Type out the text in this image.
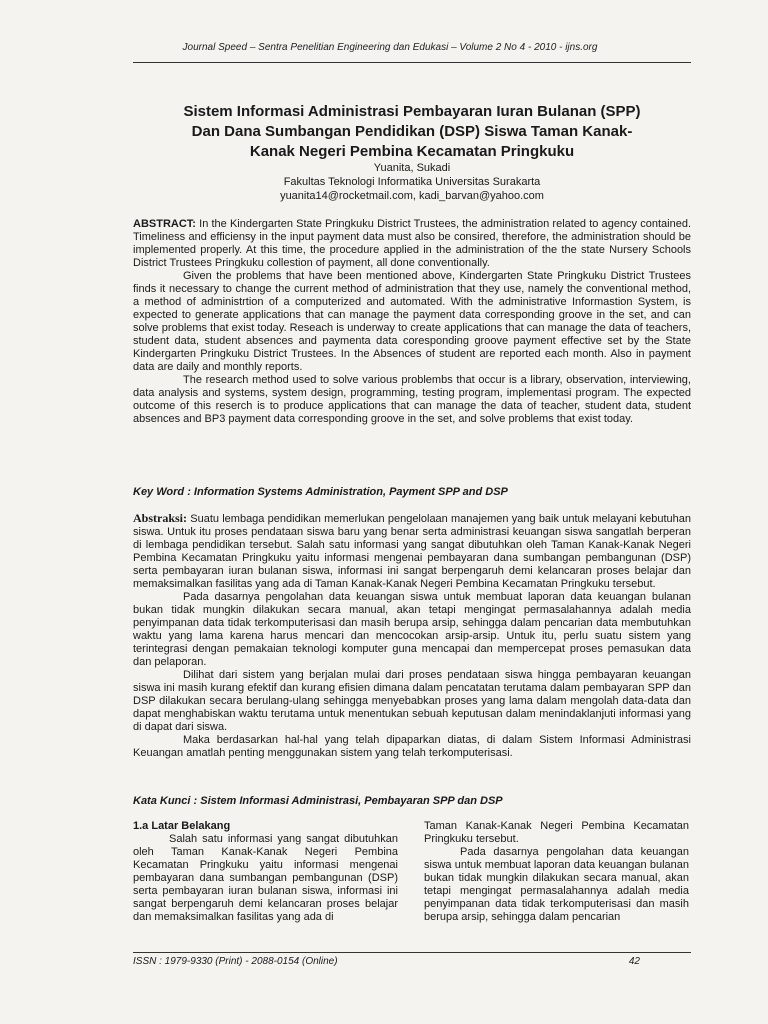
Journal Speed – Sentra Penelitian Engineering dan Edukasi – Volume 2 No 4 - 2010 - ijns.org
Sistem Informasi Administrasi Pembayaran Iuran Bulanan (SPP)
Dan Dana Sumbangan Pendidikan (DSP) Siswa Taman Kanak-
Kanak Negeri Pembina Kecamatan Pringkuku
Yuanita, Sukadi
Fakultas Teknologi Informatika Universitas Surakarta
yuanita14@rocketmail.com, kadi_barvan@yahoo.com

ABSTRACT: In the Kindergarten State Pringkuku District Trustees, the administration related to agency contained. Timeliness and efficiensy in the input payment data must also be consired, therefore, the administration should be implemented properly. At this time, the procedure applied in the administration of the the state Nursery Schools District Trustees Pringkuku collestion of payment, all done conventionally.

Given the problems that have been mentioned above, Kindergarten State Pringkuku District Trustees finds it necessary to change the current method of administration that they use, namely the conventional method, a method of administrtion of a computerized and automated. With the administrative Informastion System, is expected to generate applications that can manage the payment data corresponding groove in the set, and can solve problems that exist today. Reseach is underway to create applications that can manage the data of teachers, student data, student absences and paymenta data coresponding groove payment effective set by the State Kindergarten Pringkuku District Trustees. In the Absences of student are reported each month. Also in payment data are daily and monthly reports.

The research method used to solve various problembs that occur is a library, observation, interviewing, data analysis and systems, system design, programming, testing program, implementasi program. The expected outcome of this reserch is to produce applications that can manage the data of teacher, student data, student absences and BP3 payment data corresponding groove in the set, and solve problems that exist today.

Key Word : Information Systems Administration, Payment SPP and DSP

Abstraksi: Suatu lembaga pendidikan memerlukan pengelolaan manajemen yang baik untuk melayani kebutuhan siswa. Untuk itu proses pendataan siswa baru yang benar serta administrasi keuangan siswa sangatlah berperan di lembaga pendidikan tersebut. Salah satu informasi yang sangat dibutuhkan oleh Taman Kanak-Kanak Negeri Pembina Kecamatan Pringkuku yaitu informasi mengenai pembayaran dana sumbangan pembangunan (DSP) serta pembayaran iuran bulanan siswa, informasi ini sangat berpengaruh demi kelancaran proses belajar dan memaksimalkan fasilitas yang ada di Taman Kanak-Kanak Negeri Pembina Kecamatan Pringkuku tersebut.

Pada dasarnya pengolahan data keuangan siswa untuk membuat laporan data keuangan bulanan bukan tidak mungkin dilakukan secara manual, akan tetapi mengingat permasalahannya adalah media penyimpanan data tidak terkomputerisasi dan masih berupa arsip, sehingga dalam pencarian data membutuhkan waktu yang lama karena harus mencari dan mencocokan arsip-arsip. Untuk itu, perlu suatu sistem yang terintegrasi dengan pemakaian teknologi komputer guna mencapai dan mempercepat proses pemasukan data dan pelaporan.

Dilihat dari sistem yang berjalan mulai dari proses pendataan siswa hingga pembayaran keuangan siswa ini masih kurang efektif dan kurang efisien dimana dalam pencatatan terutama dalam pembayaran SPP dan DSP dilakukan secara berulang-ulang sehingga menyebabkan proses yang lama dalam mengolah data-data dan dapat menghabiskan waktu terutama untuk menentukan sebuah keputusan dalam menindaklanjuti informasi yang di dapat dari siswa.

Maka berdasarkan hal-hal yang telah dipaparkan diatas, di dalam Sistem Informasi Administrasi Keuangan amatlah penting menggunakan sistem yang telah terkomputerisasi.

Kata Kunci : Sistem Informasi Administrasi, Pembayaran SPP dan DSP
1.a Latar Belakang

Salah satu informasi yang sangat dibutuhkan oleh Taman Kanak-Kanak Negeri Pembina Kecamatan Pringkuku yaitu informasi mengenai pembayaran dana sumbangan pembangunan (DSP) serta pembayaran iuran bulanan siswa, informasi ini sangat berpengaruh demi kelancaran proses belajar dan memaksimalkan fasilitas yang ada di

Taman Kanak-Kanak Negeri Pembina Kecamatan Pringkuku tersebut.

Pada dasarnya pengolahan data keuangan siswa untuk membuat laporan data keuangan bulanan bukan tidak mungkin dilakukan secara manual, akan tetapi mengingat permasalahannya adalah media penyimpanan data tidak terkomputerisasi dan masih berupa arsip, sehingga dalam pencarian

ISSN : 1979-9330 (Print) - 2088-0154 (Online)	42
